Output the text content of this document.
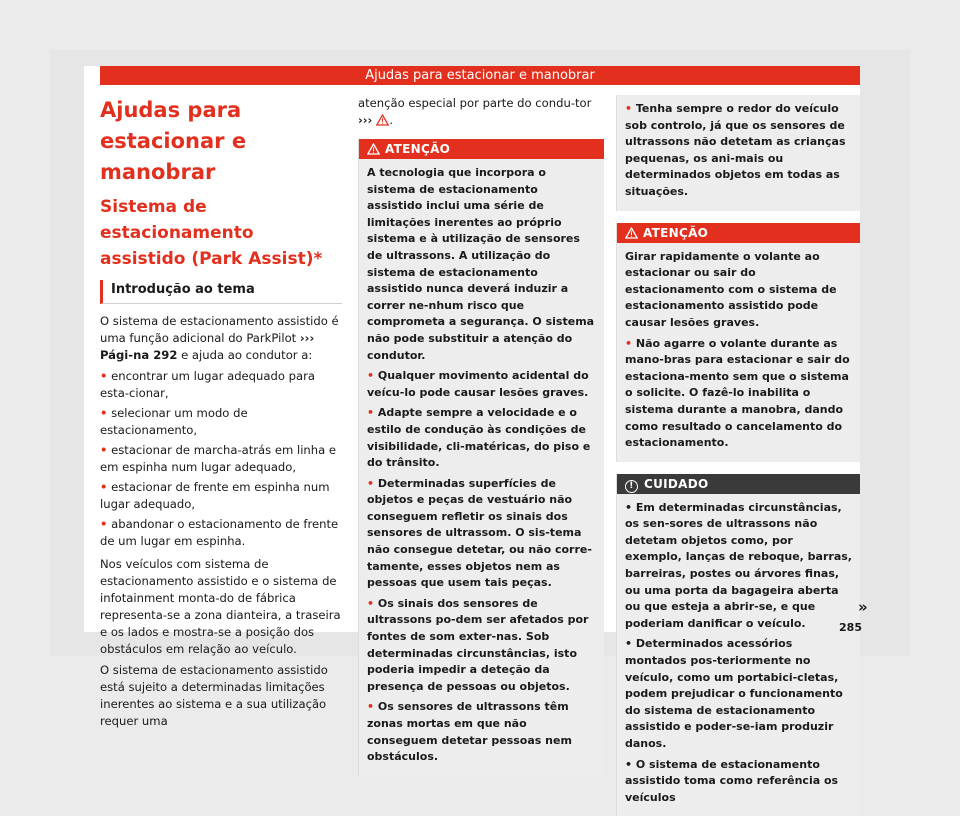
Ajudas para estacionar e manobrar
Ajudas para estacionar e manobrar
Sistema de estacionamento assistido (Park Assist)*
Introdução ao tema

O sistema de estacionamento assistido é uma função adicional do ParkPilot ››› Pági-na 292 e ajuda ao condutor a:

• encontrar um lugar adequado para esta-cionar,

• selecionar um modo de estacionamento,

• estacionar de marcha-atrás em linha e em espinha num lugar adequado,

• estacionar de frente em espinha num lugar adequado,

• abandonar o estacionamento de frente de um lugar em espinha.

Nos veículos com sistema de estacionamento assistido e o sistema de infotainment monta-do de fábrica representa-se a zona dianteira, a traseira e os lados e mostra-se a posição dos obstáculos em relação ao veículo.

O sistema de estacionamento assistido está sujeito a determinadas limitações inerentes ao sistema e a sua utilização requer uma

atenção especial por parte do condu-tor ››› .

ATENÇÃO

A tecnologia que incorpora o sistema de estacionamento assistido inclui uma série de limitações inerentes ao próprio sistema e à utilização de sensores de ultrassons. A utilização do sistema de estacionamento assistido nunca deverá induzir a correr ne-nhum risco que comprometa a segurança. O sistema não pode substituir a atenção do condutor.

• Qualquer movimento acidental do veícu-lo pode causar lesões graves.

• Adapte sempre a velocidade e o estilo de condução às condições de visibilidade, cli-matéricas, do piso e do trânsito.

• Determinadas superfícies de objetos e peças de vestuário não conseguem refletir os sinais dos sensores de ultrassom. O sis-tema não consegue detetar, ou não corre-tamente, esses objetos nem as pessoas que usem tais peças.

• Os sinais dos sensores de ultrassons po-dem ser afetados por fontes de som exter-nas. Sob determinadas circunstâncias, isto poderia impedir a deteção da presença de pessoas ou objetos.

• Os sensores de ultrassons têm zonas mortas em que não conseguem detetar pessoas nem obstáculos.

• Tenha sempre o redor do veículo sob controlo, já que os sensores de ultrassons não detetam as crianças pequenas, os ani-mais ou determinados objetos em todas as situações.

ATENÇÃO

Girar rapidamente o volante ao estacionar ou sair do estacionamento com o sistema de estacionamento assistido pode causar lesões graves.

• Não agarre o volante durante as mano-bras para estacionar e sair do estaciona-mento sem que o sistema o solicite. O fazê-lo inabilita o sistema durante a manobra, dando como resultado o cancelamento do estacionamento.

! CUIDADO

• Em determinadas circunstâncias, os sen-sores de ultrassons não detetam objetos como, por exemplo, lanças de reboque, barras, barreiras, postes ou árvores finas, ou uma porta da bagageira aberta ou que esteja a abrir-se, e que poderiam danificar o veículo.

• Determinados acessórios montados pos-teriormente no veículo, como um portabici-cletas, podem prejudicar o funcionamento do sistema de estacionamento assistido e poder-se-iam produzir danos.

• O sistema de estacionamento assistido toma como referência os veículos

»
285
